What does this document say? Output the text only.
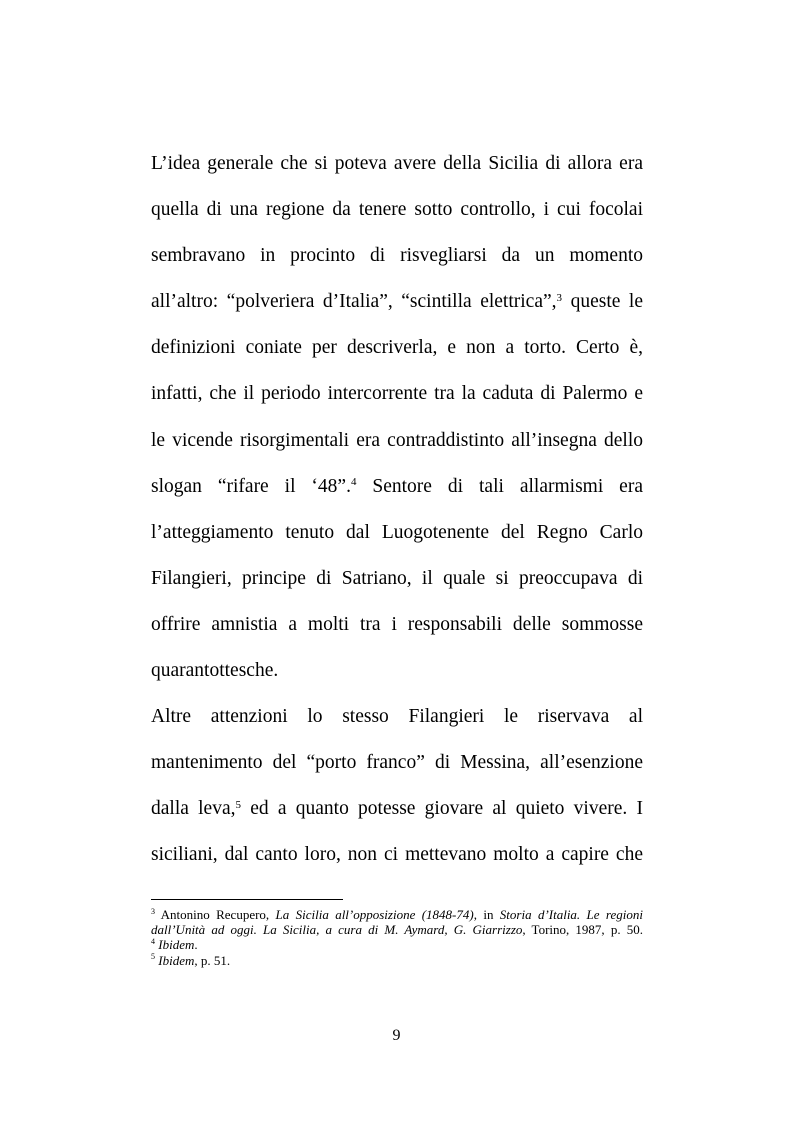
L’idea generale che si poteva avere della Sicilia di allora era
quella di una regione da tenere sotto controllo, i cui focolai
sembravano in procinto di risvegliarsi da un momento
all’altro: “polveriera d’Italia”, “scintilla elettrica”,$^3$ queste le
definizioni coniate per descriverla, e non a torto. Certo è,
infatti, che il periodo intercorrente tra la caduta di Palermo e
le vicende risorgimentali era contraddistinto all’insegna dello
slogan “rifare il ‘48”.$^4$ Sentore di tali allarmismi era
l’atteggiamento tenuto dal Luogotenente del Regno Carlo
Filangieri, principe di Satriano, il quale si preoccupava di
offrire amnistia a molti tra i responsabili delle sommosse
quarantottesche.

Altre attenzioni lo stesso Filangieri le riservava al
mantenimento del “porto franco” di Messina, all’esenzione
dalla leva,$^5$ ed a quanto potesse giovare al quieto vivere. I
siciliani, dal canto loro, non ci mettevano molto a capire che

$^3$ Antonino Recupero, La Sicilia all’opposizione (1848-74), in Storia d’Italia. Le regioni
dall’Unità ad oggi. La Sicilia, a cura di M. Aymard, G. Giarrizzo, Torino, 1987, p. 50.

$^4$ Ibidem.

$^5$ Ibidem, p. 51.

9
